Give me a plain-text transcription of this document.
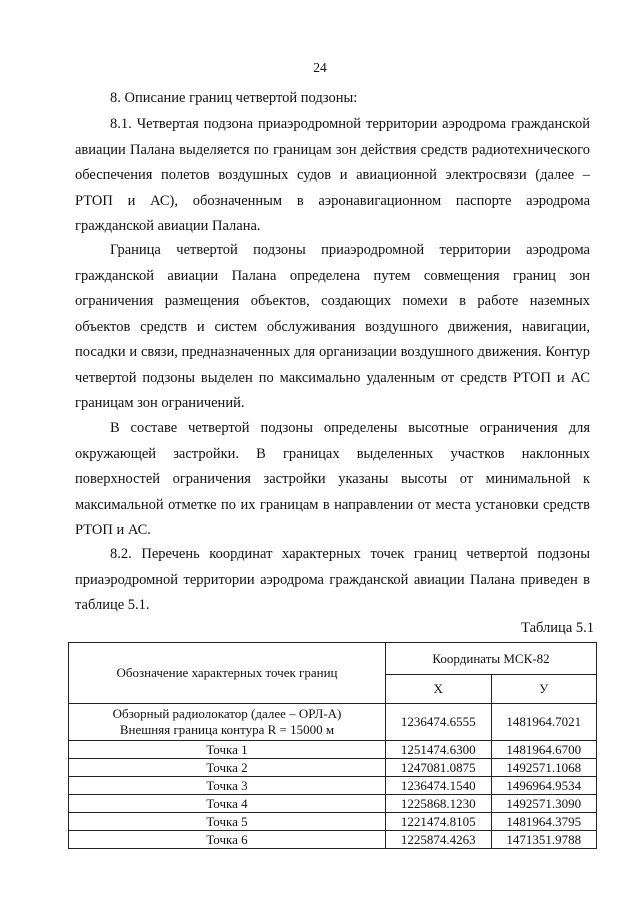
24
8. Описание границ четвертой подзоны:

8.1. Четвертая подзона приаэродромной территории аэродрома гражданской авиации Палана выделяется по границам зон действия средств радиотехнического обеспечения полетов воздушных судов и авиационной электросвязи (далее – РТОП и АС), обозначенным в аэронавигационном паспорте аэродрома гражданской авиации Палана.

Граница четвертой подзоны приаэродромной территории аэродрома гражданской авиации Палана определена путем совмещения границ зон ограничения размещения объектов, создающих помехи в работе наземных объектов средств и систем обслуживания воздушного движения, навигации, посадки и связи, предназначенных для организации воздушного движения. Контур четвертой подзоны выделен по максимально удаленным от средств РТОП и АС границам зон ограничений.

В составе четвертой подзоны определены высотные ограничения для окружающей застройки. В границах выделенных участков наклонных поверхностей ограничения застройки указаны высоты от минимальной к максимальной отметке по их границам в направлении от места установки средств РТОП и АС.

8.2. Перечень координат характерных точек границ четвертой подзоны приаэродромной территории аэродрома гражданской авиации Палана приведен в таблице 5.1.

Таблица 5.1
Обозначение характерных точек границ	Координаты МСК-82	
	X	У

Обзорный радиолокатор (далее – ОРЛ-А)
Внешняя граница контура R = 15000 м	1236474.6555	1481964.7021
Точка 1	1251474.6300	1481964.6700
Точка 2	1247081.0875	1492571.1068
Точка 3	1236474.1540	1496964.9534
Точка 4	1225868.1230	1492571.3090
Точка 5	1221474.8105	1481964.3795
Точка 6	1225874.4263	1471351.9788
